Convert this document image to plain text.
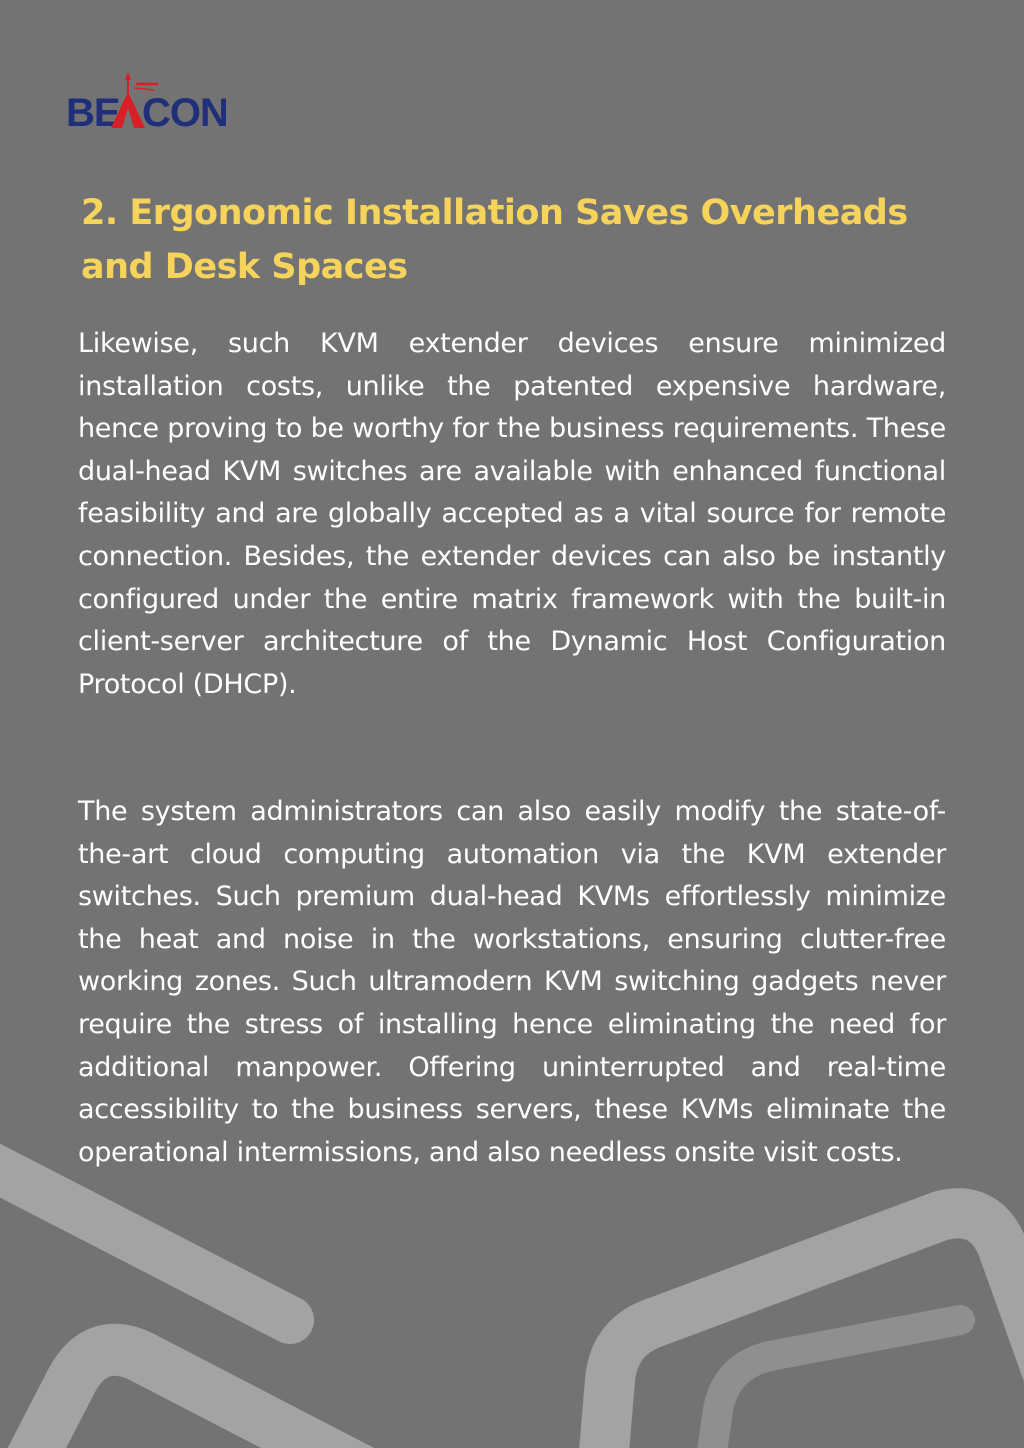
BE CON
2. Ergonomic Installation Saves Overheads and Desk Spaces

Likewise, such KVM extender devices ensure minimized installation costs, unlike the patented expensive hardware, hence proving to be worthy for the business requirements. These dual-head KVM switches are available with enhanced functional feasibility and are globally accepted as a vital source for remote connection. Besides, the extender devices can also be instantly configured under the entire matrix framework with the built-in client-server architecture of the Dynamic Host Configuration Protocol (DHCP).

The system administrators can also easily modify the state-of-the-art cloud computing automation via the KVM extender switches. Such premium dual-head KVMs effortlessly minimize the heat and noise in the workstations, ensuring clutter-free working zones. Such ultramodern KVM switching gadgets never require the stress of installing hence eliminating the need for additional manpower. Offering uninterrupted and real-time accessibility to the business servers, these KVMs eliminate the operational intermissions, and also needless onsite visit costs.
